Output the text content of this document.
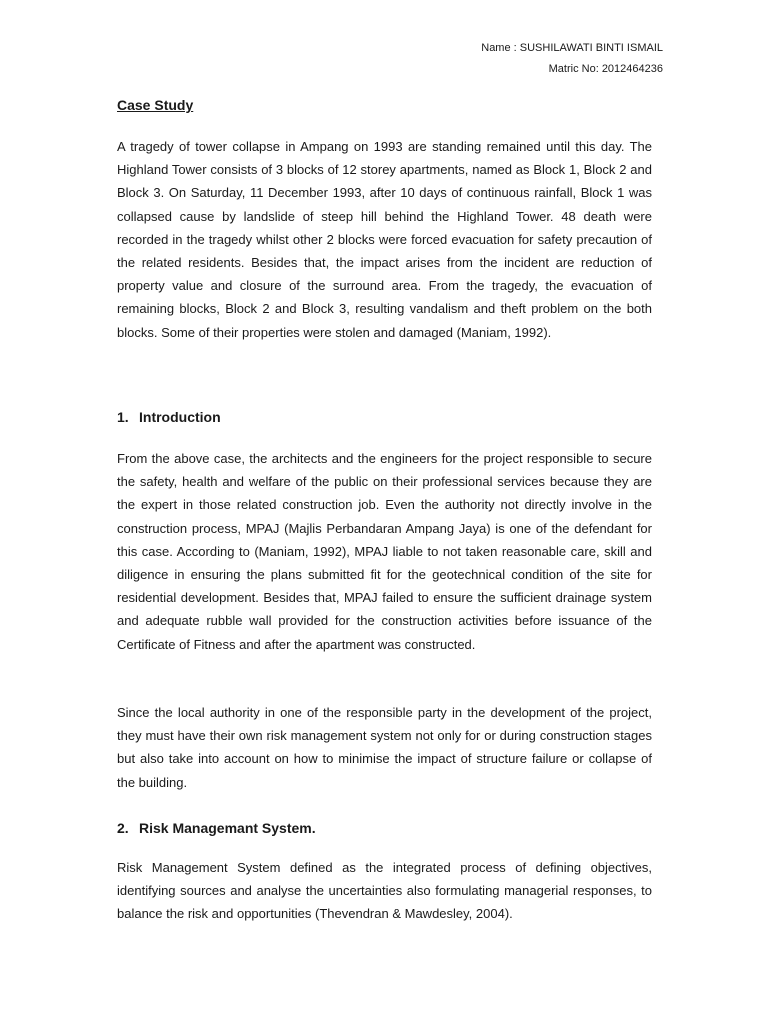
Name : SUSHILAWATI BINTI ISMAIL
Matric No: 2012464236
Case Study

A tragedy of tower collapse in Ampang on 1993 are standing remained until this day. The Highland Tower consists of 3 blocks of 12 storey apartments, named as Block 1, Block 2 and Block 3. On Saturday, 11 December 1993, after 10 days of continuous rainfall, Block 1 was collapsed cause by landslide of steep hill behind the Highland Tower. 48 death were recorded in the tragedy whilst other 2 blocks were forced evacuation for safety precaution of the related residents. Besides that, the impact arises from the incident are reduction of property value and closure of the surround area. From the tragedy, the evacuation of remaining blocks, Block 2 and Block 3, resulting vandalism and theft problem on the both blocks. Some of their properties were stolen and damaged (Maniam, 1992).

1. Introduction

From the above case, the architects and the engineers for the project responsible to secure the safety, health and welfare of the public on their professional services because they are the expert in those related construction job. Even the authority not directly involve in the construction process, MPAJ (Majlis Perbandaran Ampang Jaya) is one of the defendant for this case. According to (Maniam, 1992), MPAJ liable to not taken reasonable care, skill and diligence in ensuring the plans submitted fit for the geotechnical condition of the site for residential development. Besides that, MPAJ failed to ensure the sufficient drainage system and adequate rubble wall provided for the construction activities before issuance of the Certificate of Fitness and after the apartment was constructed.

Since the local authority in one of the responsible party in the development of the project, they must have their own risk management system not only for or during construction stages but also take into account on how to minimise the impact of structure failure or collapse of the building.

2. Risk Managemant System.

Risk Management System defined as the integrated process of defining objectives, identifying sources and analyse the uncertainties also formulating managerial responses, to balance the risk and opportunities (Thevendran & Mawdesley, 2004).
